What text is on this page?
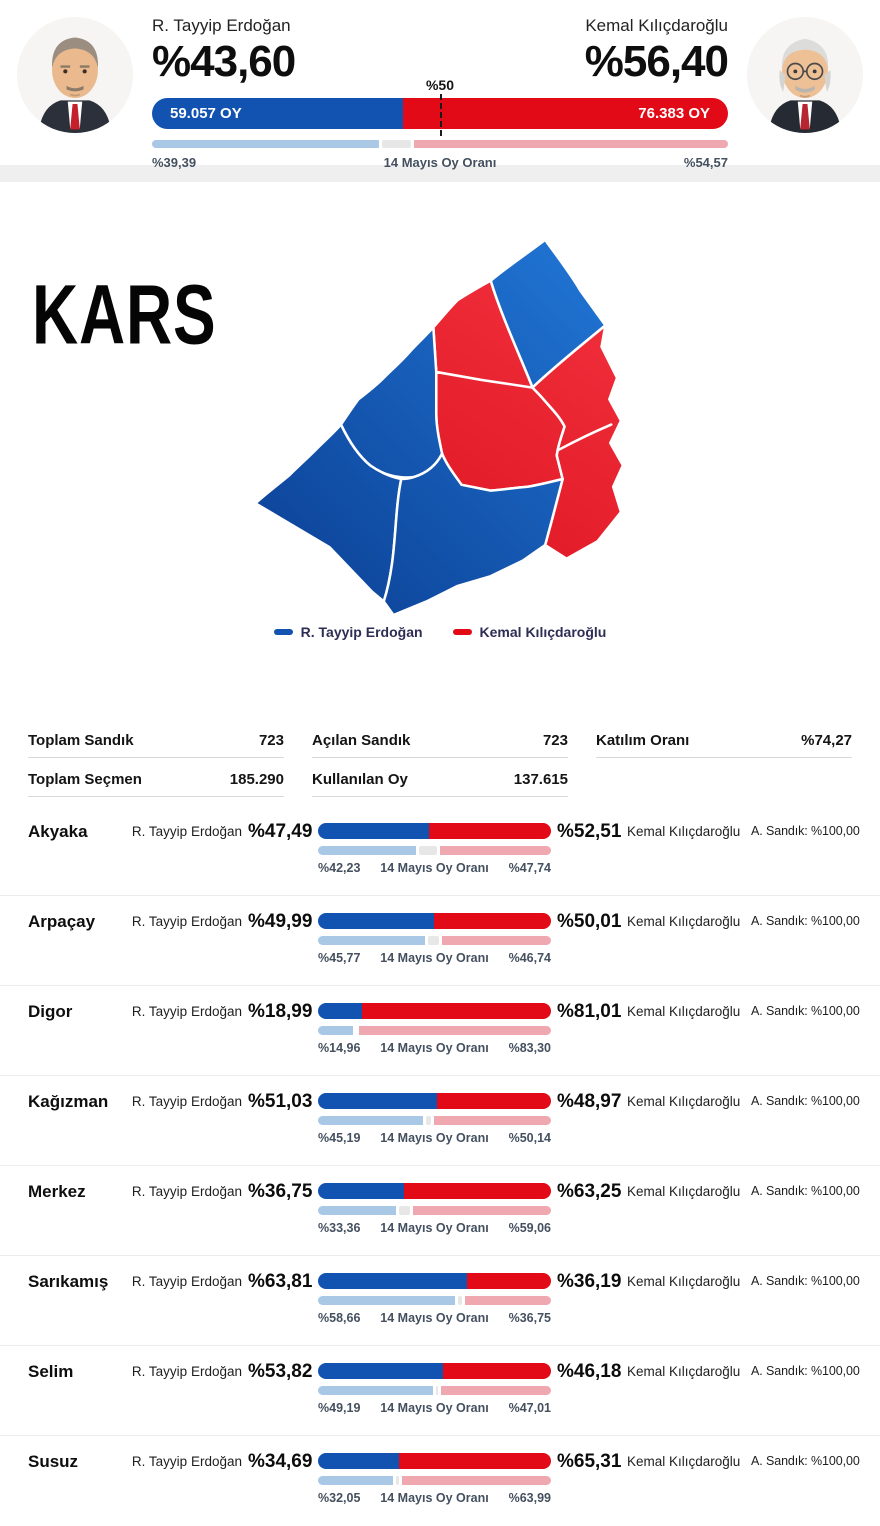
R. Tayyip Erdoğan	Kemal Kılıçdaroğlu
%43,60	%56,40
%50
59.057 OY	76.383 OY
%39,39	14 Mayıs Oy Oranı	%54,57
KARS
R. Tayyip Erdoğan	Kemal Kılıçdaroğlu
Toplam Sandık	723 Açılan Sandık	723 Katılım Oranı	%74,27
Toplam Seçmen	185.290 Kullanılan Oy	137.615
Akyaka	R. Tayyip Erdoğan %47,49
%42,23 14 Mayıs Oy Oranı %47,74
%52,51 Kemal Kılıçdaroğlu A. Sandık: %100,00
Arpaçay	R. Tayyip Erdoğan %49,99
%45,77 14 Mayıs Oy Oranı %46,74
%50,01 Kemal Kılıçdaroğlu A. Sandık: %100,00
Digor	R. Tayyip Erdoğan %18,99
%14,96 14 Mayıs Oy Oranı %83,30
%81,01 Kemal Kılıçdaroğlu A. Sandık: %100,00
Kağızman	R. Tayyip Erdoğan %51,03
%45,19 14 Mayıs Oy Oranı %50,14
%48,97 Kemal Kılıçdaroğlu A. Sandık: %100,00
Merkez	R. Tayyip Erdoğan %36,75
%33,36 14 Mayıs Oy Oranı %59,06
%63,25 Kemal Kılıçdaroğlu A. Sandık: %100,00
Sarıkamış	R. Tayyip Erdoğan %63,81
%58,66 14 Mayıs Oy Oranı %36,75
%36,19 Kemal Kılıçdaroğlu A. Sandık: %100,00
Selim	R. Tayyip Erdoğan %53,82
%49,19 14 Mayıs Oy Oranı %47,01
%46,18 Kemal Kılıçdaroğlu A. Sandık: %100,00
Susuz	R. Tayyip Erdoğan %34,69
%32,05 14 Mayıs Oy Oranı %63,99
%65,31 Kemal Kılıçdaroğlu A. Sandık: %100,00
